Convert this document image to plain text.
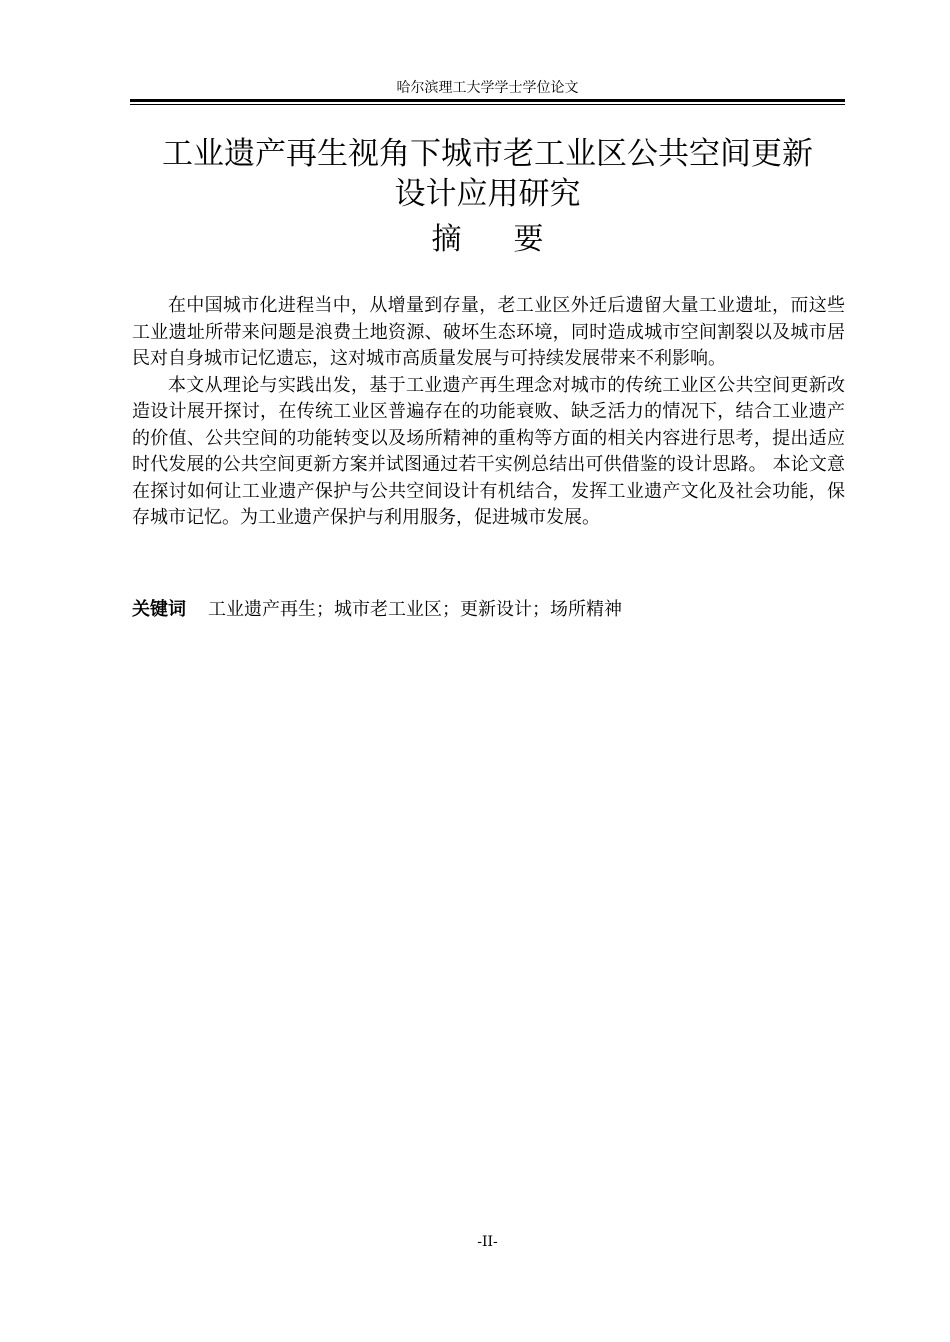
哈尔滨理工大学学士学位论文
工业遗产再生视角下城市老工业区公共空间更新
设计应用研究
摘要

在中国城市化进程当中，从增量到存量，老工业区外迁后遗留大量工业遗址，而这些工业遗址所带来问题是浪费土地资源、破坏生态环境，同时造成城市空间割裂以及城市居民对自身城市记忆遗忘，这对城市高质量发展与可持续发展带来不利影响。

本文从理论与实践出发，基于工业遗产再生理念对城市的传统工业区公共空间更新改造设计展开探讨，在传统工业区普遍存在的功能衰败、缺乏活力的情况下，结合工业遗产的价值、公共空间的功能转变以及场所精神的重构等方面的相关内容进行思考，提出适应时代发展的公共空间更新方案并试图通过若干实例总结出可供借鉴的设计思路。 本论文意在探讨如何让工业遗产保护与公共空间设计有机结合，发挥工业遗产文化及社会功能，保存城市记忆。为工业遗产保护与利用服务，促进城市发展。

关键词 工业遗产再生；城市老工业区；更新设计；场所精神
-II-
